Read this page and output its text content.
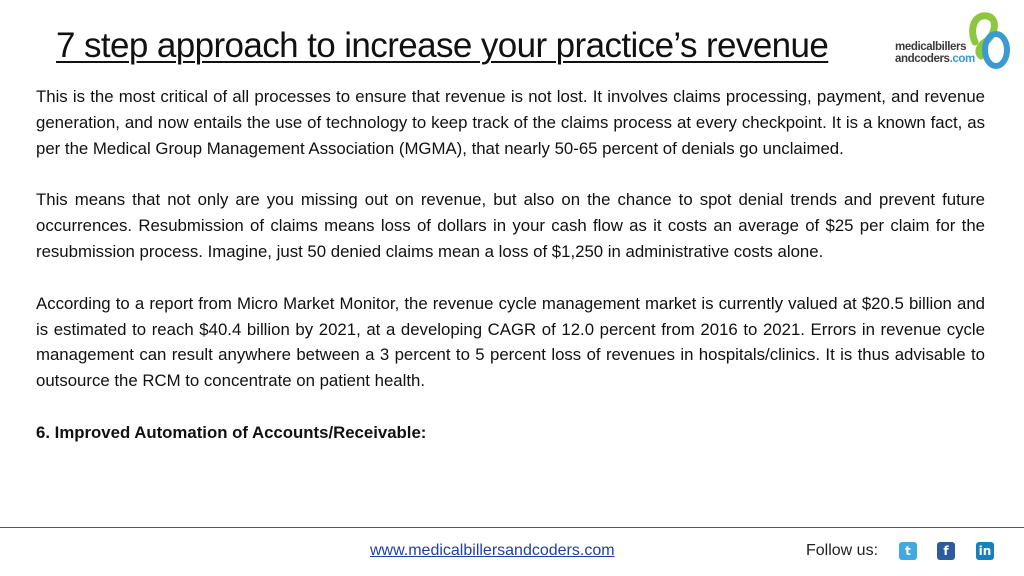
7 step approach to increase your practice’s revenue	medicalbillers
andcoders.com

This is the most critical of all processes to ensure that revenue is not lost. It involves claims processing, payment, and revenue generation, and now entails the use of technology to keep track of the claims process at every checkpoint. It is a known fact, as per the Medical Group Management Association (MGMA), that nearly 50-65 percent of denials go unclaimed.

This means that not only are you missing out on revenue, but also on the chance to spot denial trends and prevent future occurrences. Resubmission of claims means loss of dollars in your cash flow as it costs an average of $25 per claim for the resubmission process. Imagine, just 50 denied claims mean a loss of $1,250 in administrative costs alone.

According to a report from Micro Market Monitor, the revenue cycle management market is currently valued at $20.5 billion and is estimated to reach $40.4 billion by 2021, at a developing CAGR of 12.0 percent from 2016 to 2021. Errors in revenue cycle management can result anywhere between a 3 percent to 5 percent loss of revenues in hospitals/clinics. It is thus advisable to outsource the RCM to concentrate on patient health.

6. Improved Automation of Accounts/Receivable:

www.medicalbillersandcoders.com	Follow us:	t	f	in
